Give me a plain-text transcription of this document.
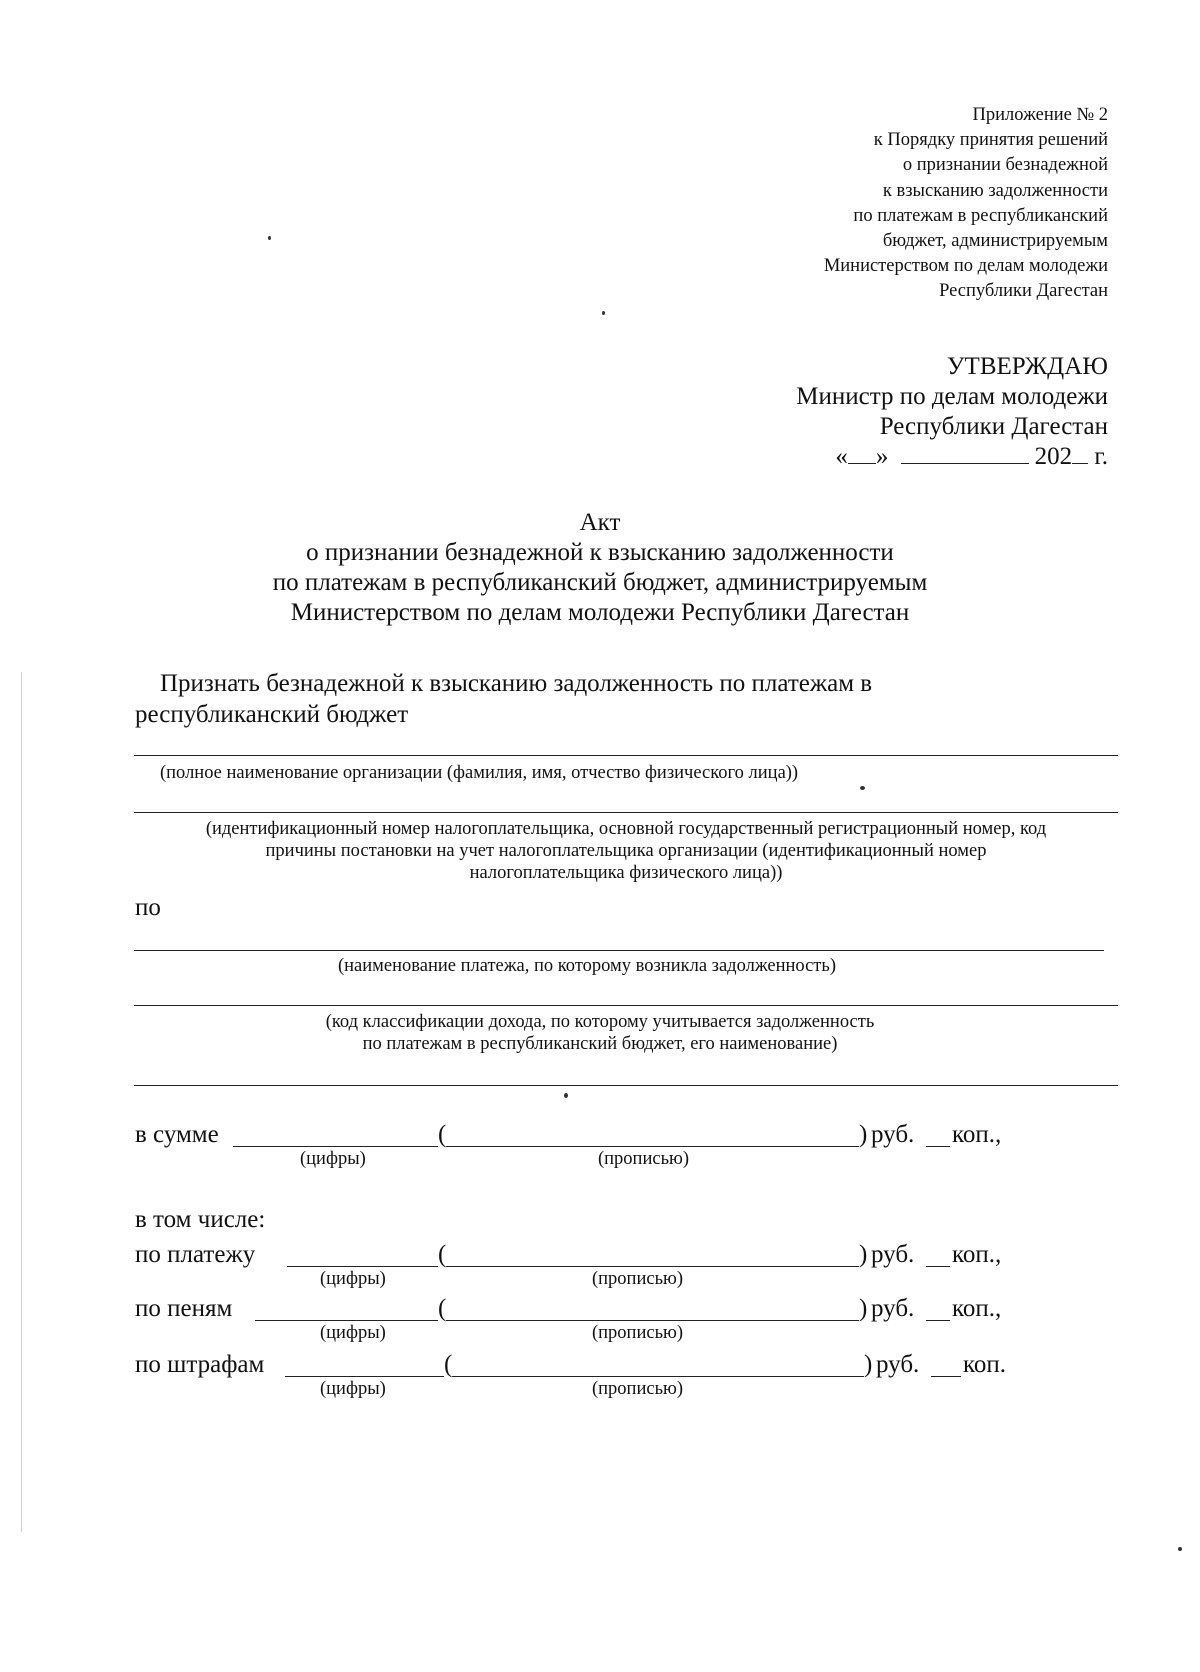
Приложение № 2
к Порядку принятия решений
о признании безнадежной
к взысканию задолженности
по платежам в республиканский
бюджет, администрируемым
Министерством по делам молодежи
Республики Дагестан
УТВЕРЖДАЮ
Министр по делам молодежи
Республики Дагестан
« »	202 г.
Акт
о признании безнадежной к взысканию задолженности
по платежам в республиканский бюджет, администрируемым
Министерством по делам молодежи Республики Дагестан
Признать безнадежной к взысканию задолженность по платежам в
республиканский бюджет
(полное наименование организации (фамилия, имя, отчество физического лица))
(идентификационный номер налогоплательщика, основной государственный регистрационный номер, код
причины постановки на учет налогоплательщика организации (идентификационный номер
налогоплательщика физического лица))
по
(наименование платежа, по которому возникла задолженность)
(код классификации дохода, по которому учитывается задолженность
по платежам в республиканский бюджет, его наименование)
в сумме	(	) руб. коп.,
(цифры)	(прописью)
в том числе:
по платежу	(	) руб. коп.,
(цифры)	(прописью)
по пеням	(	) руб. коп.,
(цифры)	(прописью)
по штрафам	(	) руб. коп.
(цифры)	(прописью)
